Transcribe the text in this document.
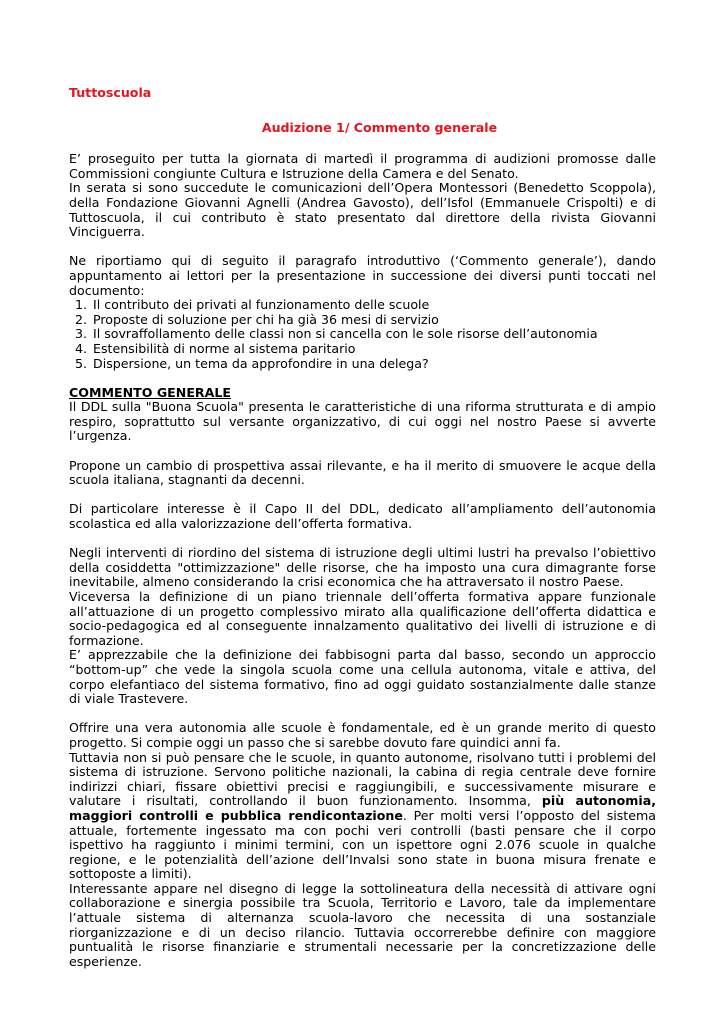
Tuttoscuola

Audizione 1/ Commento generale

E’ proseguito per tutta la giornata di martedì il programma di audizioni promosse dalle Commissioni congiunte Cultura e Istruzione della Camera e del Senato.

In serata si sono succedute le comunicazioni dell’Opera Montessori (Benedetto Scoppola), della Fondazione Giovanni Agnelli (Andrea Gavosto), dell’Isfol (Emmanuele Crispolti) e di Tuttoscuola, il cui contributo è stato presentato dal direttore della rivista Giovanni Vinciguerra.

Ne riportiamo qui di seguito il paragrafo introduttivo (‘Commento generale’), dando appuntamento ai lettori per la presentazione in successione dei diversi punti toccati nel documento:

1. Il contributo dei privati al funzionamento delle scuole
2. Proposte di soluzione per chi ha già 36 mesi di servizio
3. Il sovraffollamento delle classi non si cancella con le sole risorse dell’autonomia
4. Estensibilità di norme al sistema paritario
5. Dispersione, un tema da approfondire in una delega?

COMMENTO GENERALE

Il DDL sulla "Buona Scuola" presenta le caratteristiche di una riforma strutturata e di ampio respiro, soprattutto sul versante organizzativo, di cui oggi nel nostro Paese si avverte l’urgenza.

Propone un cambio di prospettiva assai rilevante, e ha il merito di smuovere le acque della scuola italiana, stagnanti da decenni.

Di particolare interesse è il Capo II del DDL, dedicato all’ampliamento dell’autonomia scolastica ed alla valorizzazione dell’offerta formativa.

Negli interventi di riordino del sistema di istruzione degli ultimi lustri ha prevalso l’obiettivo della cosiddetta "ottimizzazione" delle risorse, che ha imposto una cura dimagrante forse inevitabile, almeno considerando la crisi economica che ha attraversato il nostro Paese.

Viceversa la definizione di un piano triennale dell’offerta formativa appare funzionale all’attuazione di un progetto complessivo mirato alla qualificazione dell’offerta didattica e socio-pedagogica ed al conseguente innalzamento qualitativo dei livelli di istruzione e di formazione.

E’ apprezzabile che la definizione dei fabbisogni parta dal basso, secondo un approccio “bottom-up” che vede la singola scuola come una cellula autonoma, vitale e attiva, del corpo elefantiaco del sistema formativo, fino ad oggi guidato sostanzialmente dalle stanze di viale Trastevere.

Offrire una vera autonomia alle scuole è fondamentale, ed è un grande merito di questo progetto. Si compie oggi un passo che si sarebbe dovuto fare quindici anni fa.

Tuttavia non si può pensare che le scuole, in quanto autonome, risolvano tutti i problemi del sistema di istruzione. Servono politiche nazionali, la cabina di regia centrale deve fornire indirizzi chiari, fissare obiettivi precisi e raggiungibili, e successivamente misurare e valutare i risultati, controllando il buon funzionamento. Insomma, più autonomia, maggiori controlli e pubblica rendicontazione. Per molti versi l’opposto del sistema attuale, fortemente ingessato ma con pochi veri controlli (basti pensare che il corpo ispettivo ha raggiunto i minimi termini, con un ispettore ogni 2.076 scuole in qualche regione, e le potenzialità dell’azione dell’Invalsi sono state in buona misura frenate e sottoposte a limiti).

Interessante appare nel disegno di legge la sottolineatura della necessità di attivare ogni collaborazione e sinergia possibile tra Scuola, Territorio e Lavoro, tale da implementare l’attuale sistema di alternanza scuola-lavoro che necessita di una sostanziale riorganizzazione e di un deciso rilancio. Tuttavia occorrerebbe definire con maggiore puntualità le risorse finanziarie e strumentali necessarie per la concretizzazione delle esperienze.
